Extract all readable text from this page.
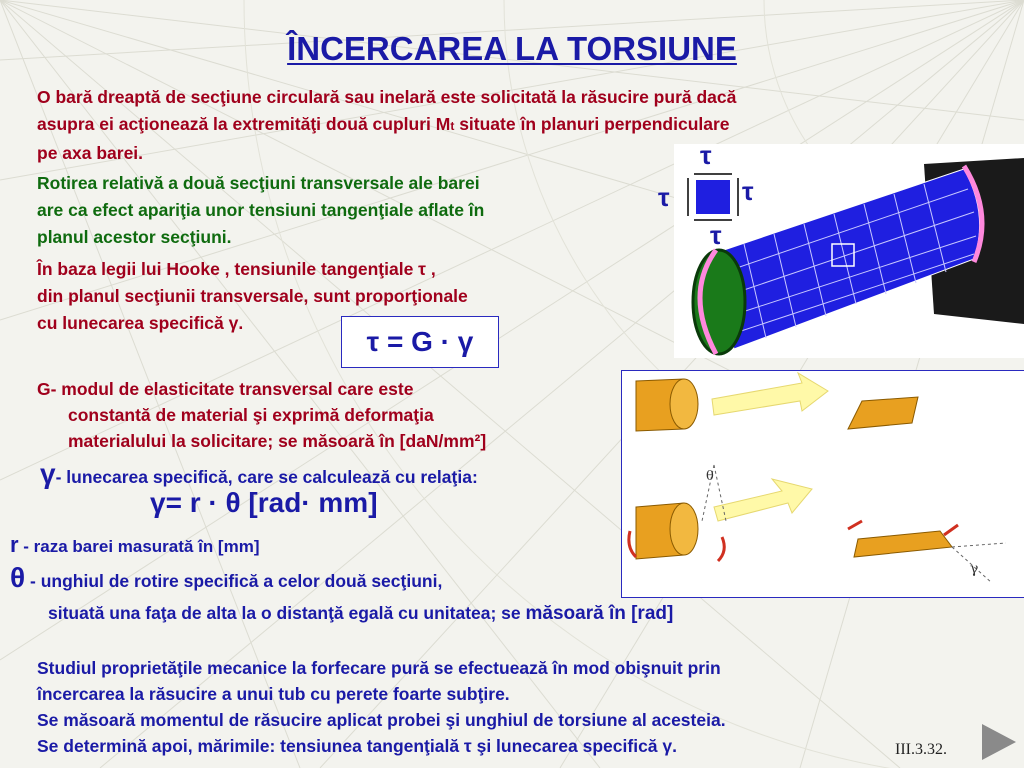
ÎNCERCAREA LA TORSIUNE
O bară dreaptă de secţiune circulară sau inelară este solicitată la răsucire pură dacă
asupra ei acţionează la extremităţi două cupluri Mt situate în planuri perpendiculare
pe axa barei.
Rotirea relativă a două secţiuni transversale ale barei
are ca efect apariţia unor tensiuni tangenţiale aflate în
planul acestor secţiuni.
În baza legii lui Hooke , tensiunile tangenţiale τ ,
din planul secţiunii transversale, sunt proporţionale
cu lunecarea specifică γ.
τ = G · γ
τ
τ	τ
τ
G- modul de elasticitate transversal care este
constantă de material şi exprimă deformaţia
materialului la solicitare; se măsoară în [daN/mm²]
γ- lunecarea specifică, care se calculează cu relaţia:
γ= r · θ [rad· mm]
r - raza barei masurată în [mm]
θ - unghiul de rotire specifică a celor două secţiuni,
situată una faţa de alta la o distanţă egală cu unitatea; se măsoară în [rad]
θ
γ
Studiul proprietăţile mecanice la forfecare pură se efectuează în mod obişnuit prin
încercarea la răsucire a unui tub cu perete foarte subţire.
Se măsoară momentul de răsucire aplicat probei şi unghiul de torsiune al acesteia.
Se determină apoi, mărimile: tensiunea tangenţială τ şi lunecarea specifică γ.	III.3.32.
